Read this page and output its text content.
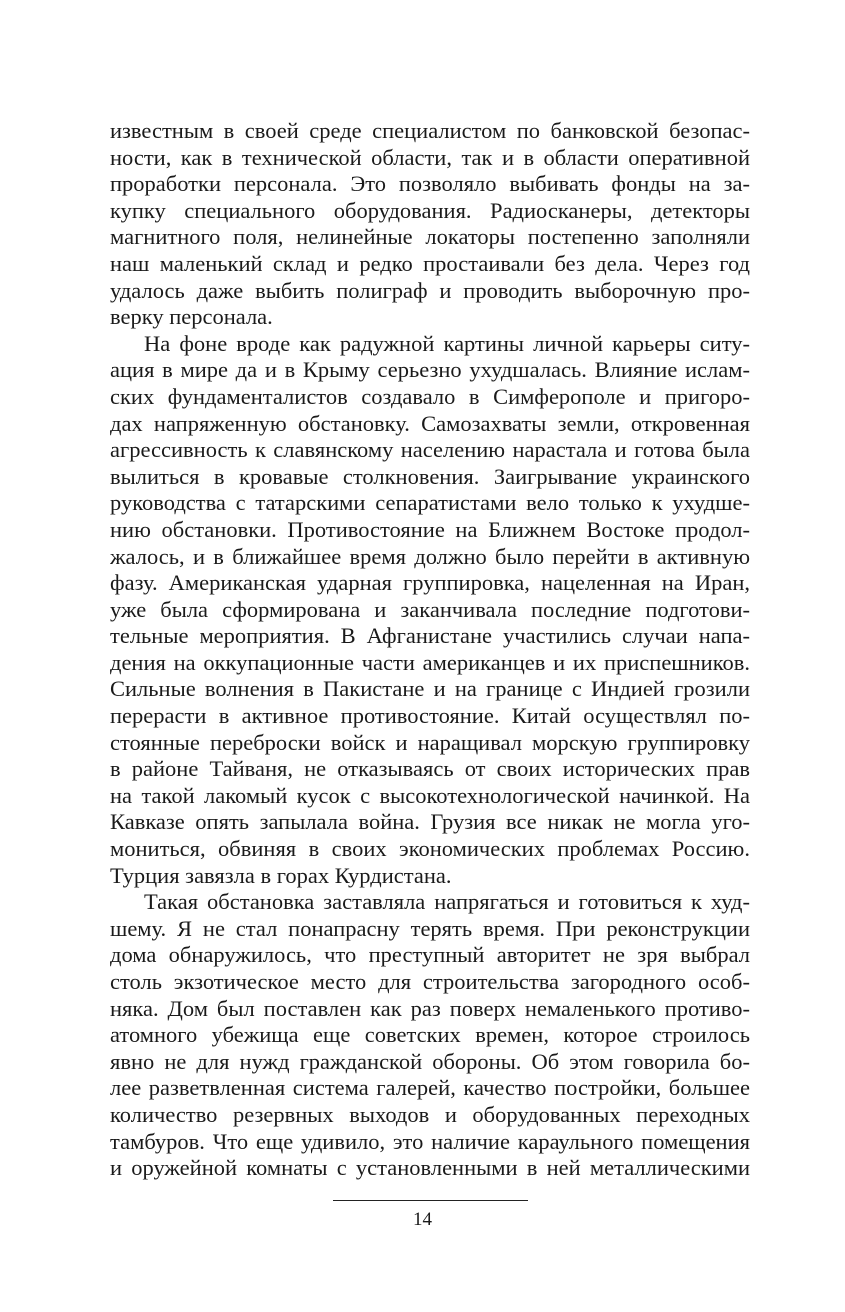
известным в своей среде специалистом по банковской безопас-
ности, как в технической области, так и в области оперативной
проработки персонала. Это позволяло выбивать фонды на за-
купку специального оборудования. Радиосканеры, детекторы
магнитного поля, нелинейные локаторы постепенно заполняли
наш маленький склад и редко простаивали без дела. Через год
удалось даже выбить полиграф и проводить выборочную про-
верку персонала.
На фоне вроде как радужной картины личной карьеры ситу-
ация в мире да и в Крыму серьезно ухудшалась. Влияние ислам-
ских фундаменталистов создавало в Симферополе и пригоро-
дах напряженную обстановку. Самозахваты земли, откровенная
агрессивность к славянскому населению нарастала и готова была
вылиться в кровавые столкновения. Заигрывание украинского
руководства с татарскими сепаратистами вело только к ухудше-
нию обстановки. Противостояние на Ближнем Востоке продол-
жалось, и в ближайшее время должно было перейти в активную
фазу. Американская ударная группировка, нацеленная на Иран,
уже была сформирована и заканчивала последние подготови-
тельные мероприятия. В Афганистане участились случаи напа-
дения на оккупационные части американцев и их приспешников.
Сильные волнения в Пакистане и на границе с Индией грозили
перерасти в активное противостояние. Китай осуществлял по-
стоянные переброски войск и наращивал морскую группировку
в районе Тайваня, не отказываясь от своих исторических прав
на такой лакомый кусок с высокотехнологической начинкой. На
Кавказе опять запылала война. Грузия все никак не могла уго-
мониться, обвиняя в своих экономических проблемах Россию.
Турция завязла в горах Курдистана.
Такая обстановка заставляла напрягаться и готовиться к худ-
шему. Я не стал понапрасну терять время. При реконструкции
дома обнаружилось, что преступный авторитет не зря выбрал
столь экзотическое место для строительства загородного особ-
няка. Дом был поставлен как раз поверх немаленького противо-
атомного убежища еще советских времен, которое строилось
явно не для нужд гражданской обороны. Об этом говорила бо-
лее разветвленная система галерей, качество постройки, большее
количество резервных выходов и оборудованных переходных
тамбуров. Что еще удивило, это наличие караульного помещения
и оружейной комнаты с установленными в ней металлическими
14
